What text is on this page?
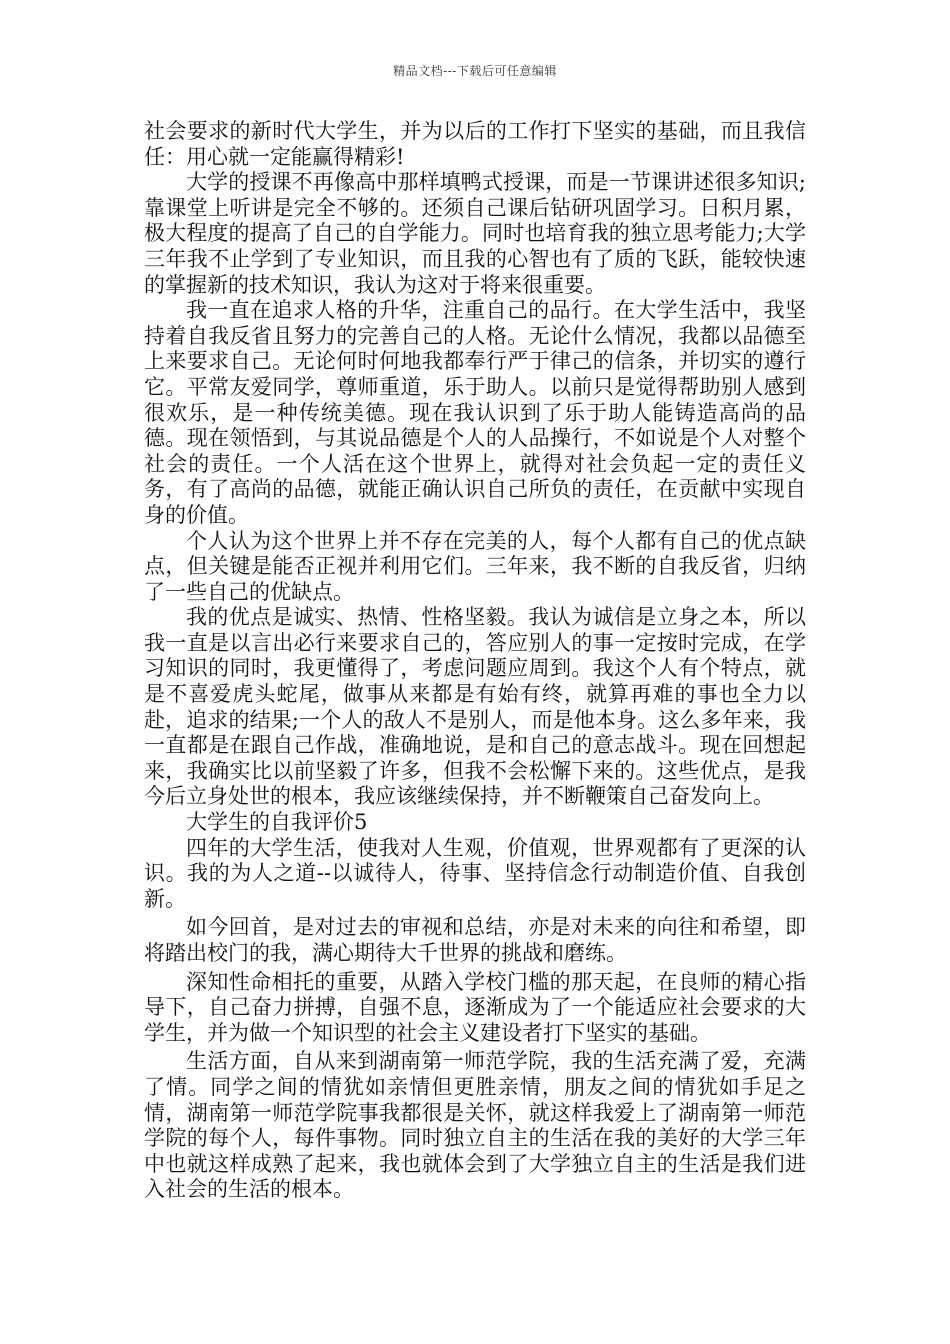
精品文档---下载后可任意编辑

社会要求的新时代大学生，并为以后的工作打下坚实的基础，而且我信任：用心就一定能赢得精彩!

大学的授课不再像高中那样填鸭式授课，而是一节课讲述很多知识;靠课堂上听讲是完全不够的。还须自己课后钻研巩固学习。日积月累，极大程度的提高了自己的自学能力。同时也培育我的独立思考能力;大学三年我不止学到了专业知识，而且我的心智也有了质的飞跃，能较快速的掌握新的技术知识，我认为这对于将来很重要。

我一直在追求人格的升华，注重自己的品行。在大学生活中，我坚持着自我反省且努力的完善自己的人格。无论什么情况，我都以品德至上来要求自己。无论何时何地我都奉行严于律己的信条，并切实的遵行它。平常友爱同学，尊师重道，乐于助人。以前只是觉得帮助别人感到很欢乐，是一种传统美德。现在我认识到了乐于助人能铸造高尚的品德。现在领悟到，与其说品德是个人的人品操行，不如说是个人对整个社会的责任。一个人活在这个世界上，就得对社会负起一定的责任义务，有了高尚的品德，就能正确认识自己所负的责任，在贡献中实现自身的价值。

个人认为这个世界上并不存在完美的人，每个人都有自己的优点缺点，但关键是能否正视并利用它们。三年来，我不断的自我反省，归纳了一些自己的优缺点。

我的优点是诚实、热情、性格坚毅。我认为诚信是立身之本，所以我一直是以言出必行来要求自己的，答应别人的事一定按时完成，在学习知识的同时，我更懂得了，考虑问题应周到。我这个人有个特点，就是不喜爱虎头蛇尾，做事从来都是有始有终，就算再难的事也全力以赴，追求的结果;一个人的敌人不是别人，而是他本身。这么多年来，我一直都是在跟自己作战，准确地说，是和自己的意志战斗。现在回想起来，我确实比以前坚毅了许多，但我不会松懈下来的。这些优点，是我今后立身处世的根本，我应该继续保持，并不断鞭策自己奋发向上。

大学生的自我评价5

四年的大学生活，使我对人生观，价值观，世界观都有了更深的认识。我的为人之道--以诚待人，待事、坚持信念行动制造价值、自我创新。

如今回首，是对过去的审视和总结，亦是对未来的向往和希望，即将踏出校门的我，满心期待大千世界的挑战和磨练。

深知性命相托的重要，从踏入学校门槛的那天起，在良师的精心指导下，自己奋力拼搏，自强不息，逐渐成为了一个能适应社会要求的大学生，并为做一个知识型的社会主义建设者打下坚实的基础。

生活方面，自从来到湖南第一师范学院，我的生活充满了爱，充满了情。同学之间的情犹如亲情但更胜亲情，朋友之间的情犹如手足之情，湖南第一师范学院事我都很是关怀，就这样我爱上了湖南第一师范学院的每个人，每件事物。同时独立自主的生活在我的美好的大学三年中也就这样成熟了起来，我也就体会到了大学独立自主的生活是我们进入社会的生活的根本。
